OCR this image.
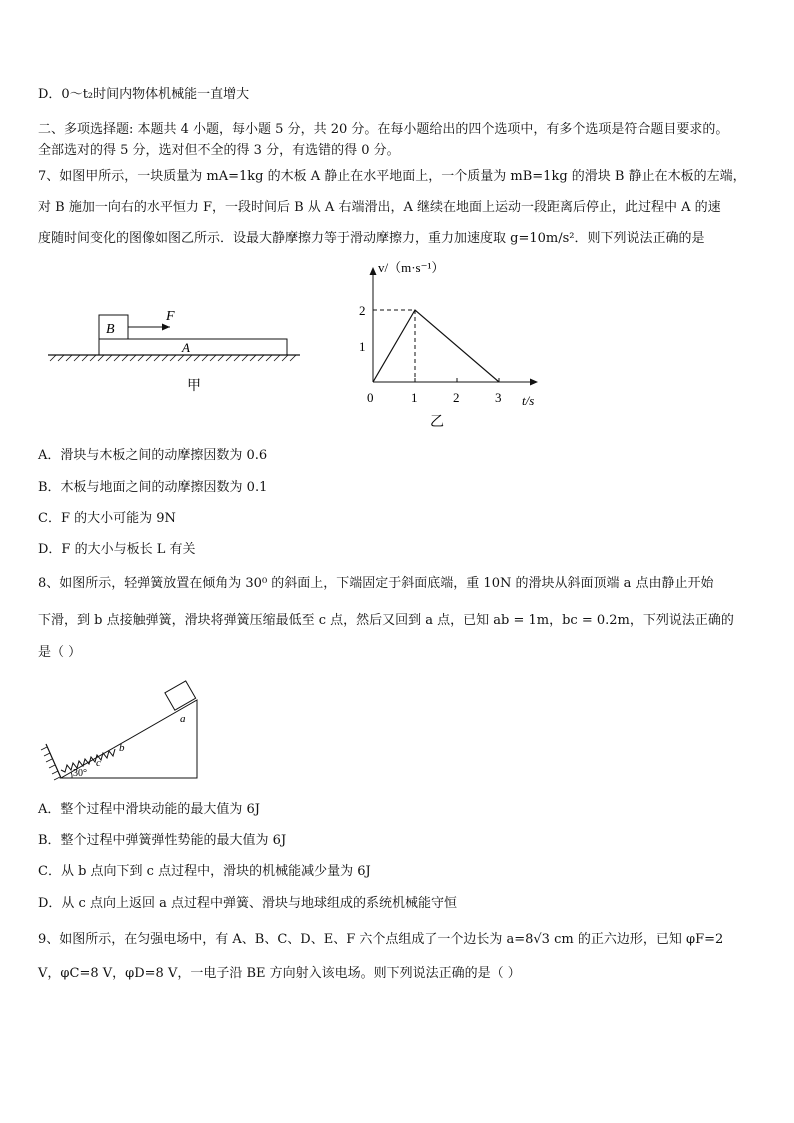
D．0～t₂时间内物体机械能一直增大
二、多项选择题: 本题共 4 小题，每小题 5 分，共 20 分。在每小题给出的四个选项中，有多个选项是符合题目要求的。
全部选对的得 5 分，选对但不全的得 3 分，有选错的得 0 分。
7、如图甲所示，一块质量为 mA=1kg 的木板 A 静止在水平地面上，一个质量为 mB=1kg 的滑块 B 静止在木板的左端，
对 B 施加一向右的水平恒力 F，一段时间后 B 从 A 右端滑出，A 继续在地面上运动一段距离后停止，此过程中 A 的速
度随时间变化的图像如图乙所示．设最大静摩擦力等于滑动摩擦力，重力加速度取 g=10m/s²．则下列说法正确的是
B
F
A
甲
v/（m·s⁻¹）
t/s
1
2
0	1	2	3
乙
A．滑块与木板之间的动摩擦因数为 0.6
B．木板与地面之间的动摩擦因数为 0.1
C．F 的大小可能为 9N
D．F 的大小与板长 L 有关
8、如图所示，轻弹簧放置在倾角为 30⁰ 的斜面上，下端固定于斜面底端，重 10N 的滑块从斜面顶端 a 点由静止开始
下滑，到 b 点接触弹簧，滑块将弹簧压缩最低至 c 点，然后又回到 a 点，已知 ab = 1m，bc = 0.2m，下列说法正确的
是（ ）
a
b
c
30°
A．整个过程中滑块动能的最大值为 6J
B．整个过程中弹簧弹性势能的最大值为 6J
C．从 b 点向下到 c 点过程中，滑块的机械能减少量为 6J
D．从 c 点向上返回 a 点过程中弹簧、滑块与地球组成的系统机械能守恒
9、如图所示，在匀强电场中，有 A、B、C、D、E、F 六个点组成了一个边长为 a=8√3 cm 的正六边形，已知 φF=2
V，φC=8 V，φD=8 V，一电子沿 BE 方向射入该电场。则下列说法正确的是（ ）
